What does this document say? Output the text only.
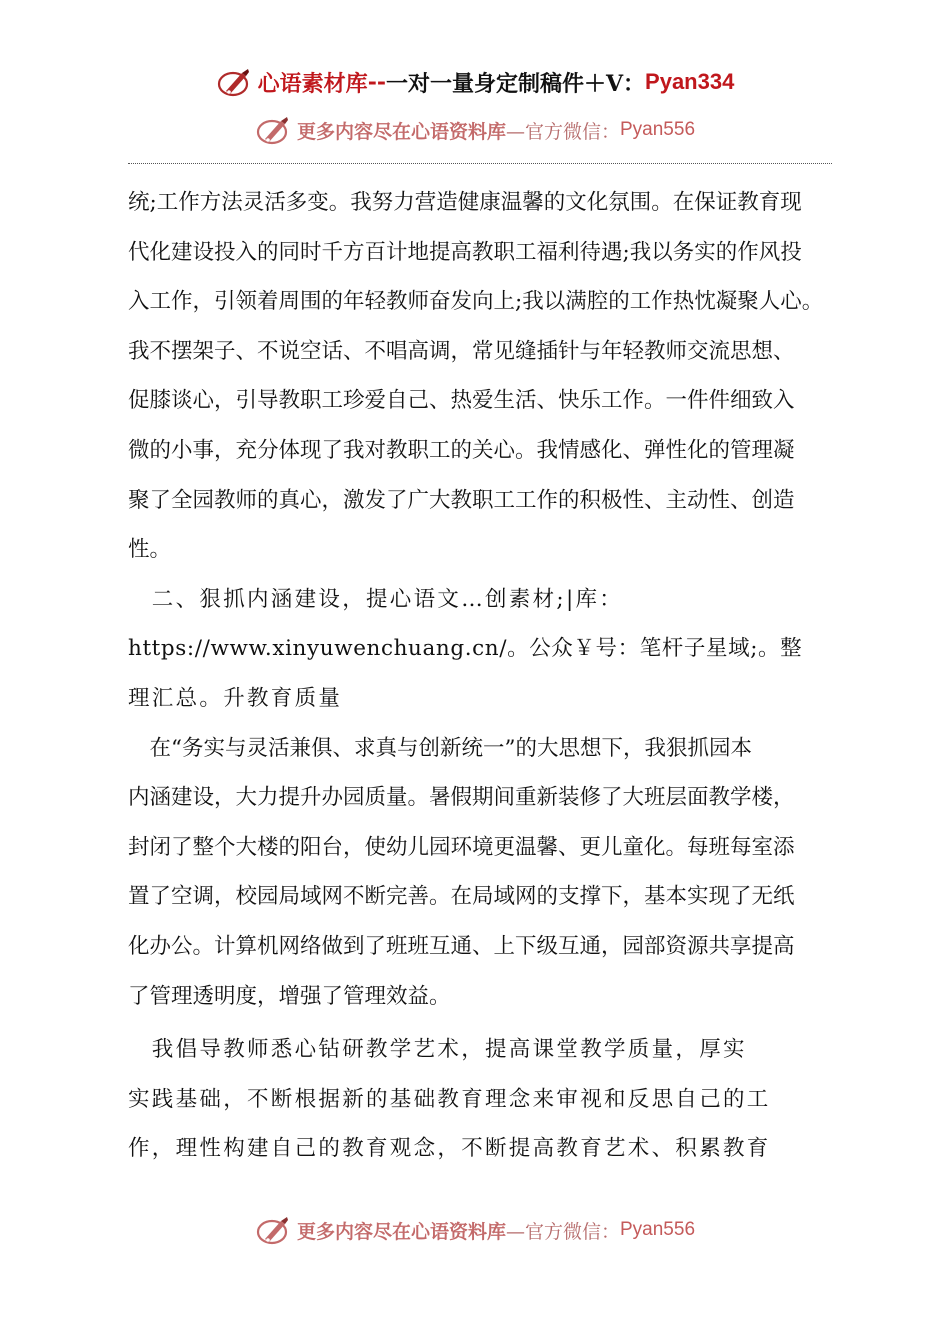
心语素材库 -- 一对一量身定制稿件＋V： Pyan334
更多内容尽在心语资料库 —官方微信： Pyan556

统;工作方法灵活多变。我努力营造健康温馨的文化氛围。在保证教育现
代化建设投入的同时千方百计地提高教职工福利待遇;我以务实的作风投
入工作，引领着周围的年轻教师奋发向上;我以满腔的工作热忱凝聚人心。
我不摆架子、不说空话、不唱高调，常见缝插针与年轻教师交流思想、
促膝谈心，引导教职工珍爱自己、热爱生活、快乐工作。一件件细致入
微的小事，充分体现了我对教职工的关心。我情感化、弹性化的管理凝
聚了全园教师的真心，激发了广大教职工工作的积极性、主动性、创造
性。

　二、狠抓内涵建设，提心语文…创素材;|库：
https://www.xinyuwenchuang.cn/。公众￥号：笔杆子星域;。整
理汇总。升教育质量

　在“务实与灵活兼俱、求真与创新统一”的大思想下，我狠抓园本
内涵建设，大力提升办园质量。暑假期间重新装修了大班层面教学楼，
封闭了整个大楼的阳台，使幼儿园环境更温馨、更儿童化。每班每室添
置了空调，校园局域网不断完善。在局域网的支撑下，基本实现了无纸
化办公。计算机网络做到了班班互通、上下级互通，园部资源共享提高
了管理透明度，增强了管理效益。

　我倡导教师悉心钻研教学艺术，提高课堂教学质量，厚实
实践基础，不断根据新的基础教育理念来审视和反思自己的工
作，理性构建自己的教育观念，不断提高教育艺术、积累教育

更多内容尽在心语资料库 —官方微信： Pyan556
